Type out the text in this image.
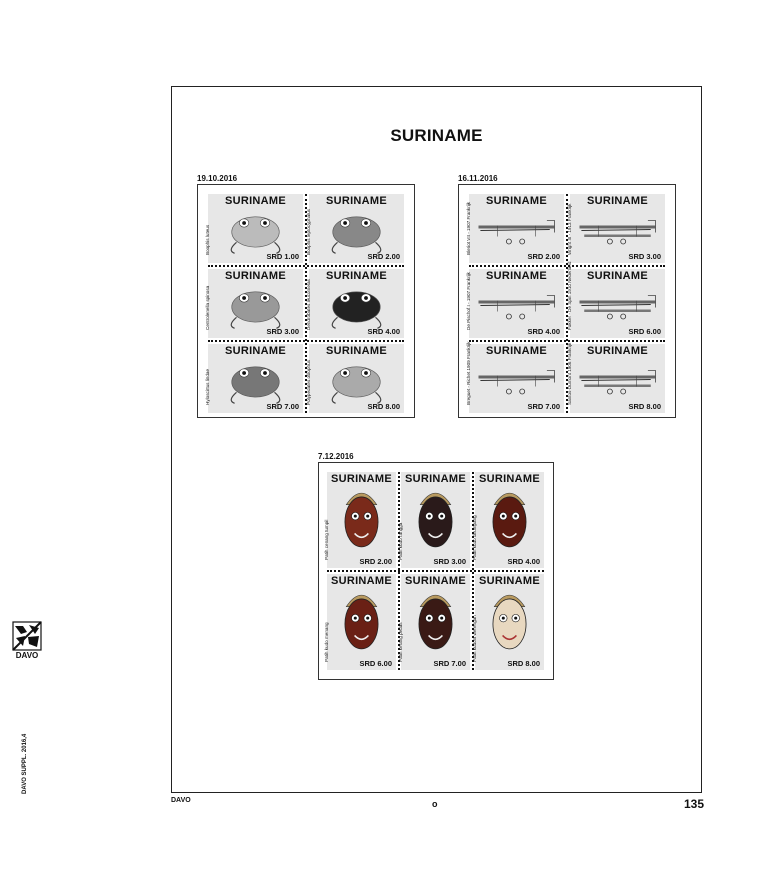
SURINAME
19.10.2016
SURINAME
Boophis luteus
SRD 1.00
SURINAME
Boophis leptocyphalus
SRD 2.00
SURINAME
Centrolenella spinosa
SRD 3.00
SURINAME
Dendrobates leucomelas
SRD 4.00
SURINAME
Hyloscirtus lindae
SRD 7.00
SURINAME
Polypedates otilophus
SRD 8.00
16.11.2016
SURINAME
Bleriot VII - 1907 Frankrijk
SRD 2.00
SURINAME
Wright III - 1913 Frankrijk
SRD 3.00
SURINAME
De Pischof I - 1907 Frankrijk
SRD 4.00
SURINAME
Fokker - De Spin 1910 Nederland
SRD 6.00
SURINAME
Breguet - Richet 1909 Frankrijk
SRD 7.00
SURINAME
Santos-Dumont 1906 Frankrijk
SRD 8.00
7.12.2016
SURINAME
Patih cenang tumpil
SRD 2.00
SURINAME
Patih kudo rangga
SRD 3.00
SURINAME
Patih kudo dirumpang
SRD 4.00
SURINAME
Patih kudo menang
SRD 6.00
SURINAME
Patih kerang pedas
SRD 7.00
SURINAME
Patih kudoni werengan
SRD 8.00
DAVO
DAVO SUPPL. 2016,4
DAVO	o	135
